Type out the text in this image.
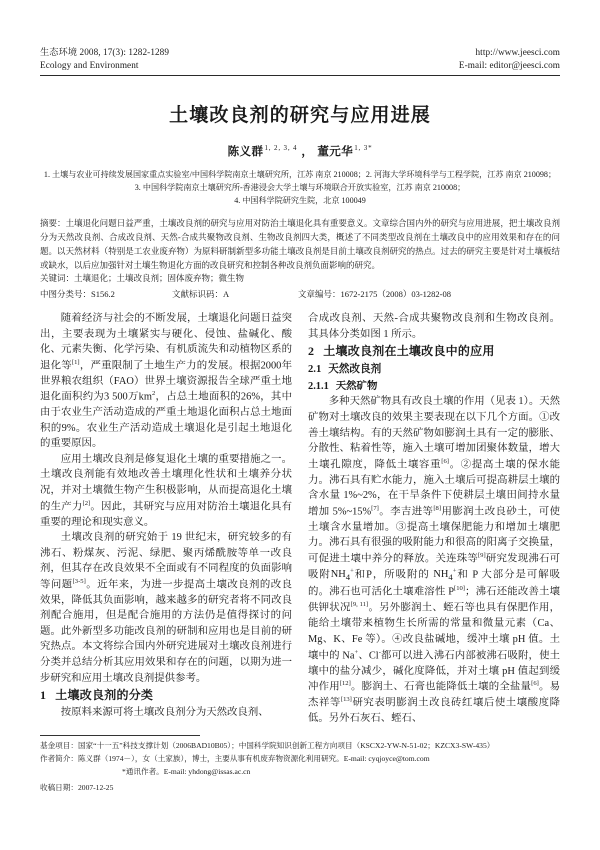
生态环境 2008, 17(3): 1282-1289
Ecology and Environment
http://www.jeesci.com
E-mail: editor@jeesci.com
土壤改良剂的研究与应用进展
陈义群$^{1, 2, 3, 4}$ ， 董元华$^{1, 3*}$
1. 土壤与农业可持续发展国家重点实验室/中国科学院南京土壤研究所，江苏 南京 210008；2. 河海大学环境科学与工程学院，江苏 南京 210098；
3. 中国科学院南京土壤研究所-香港浸会大学土壤与环境联合开放实验室，江苏 南京 210008；
4. 中国科学院研究生院，北京 100049

摘要：土壤退化问题日益严重，土壤改良剂的研究与应用对防治土壤退化具有重要意义。文章综合国内外的研究与应用进展，把土壤改良剂分为天然改良剂、合成改良剂、天然-合成共聚物改良剂、生物改良剂四大类，概述了不同类型改良剂在土壤改良中的应用效果和存在的问题。以天然材料（特别是工农业废弃物）为原料研制新型多功能土壤改良剂是目前土壤改良剂研究的热点。过去的研究主要是针对土壤板结或缺水，以后应加强针对土壤生物退化方面的改良研究和控制各种改良剂负面影响的研究。

关键词：土壤退化；土壤改良剂；固体废弃物；微生物

中图分类号：S156.2	文献标识码：A	文章编号：1672-2175（2008）03-1282-08

随着经济与社会的不断发展，土壤退化问题日益突出，主要表现为土壤紧实与硬化、侵蚀、盐碱化、酸化、元素失衡、化学污染、有机质流失和动植物区系的退化等[1]，严重限制了土地生产力的发展。根据2000年世界粮农组织（FAO）世界土壤资源报告全球严重土地退化面积约为3 500万$km^2$，占总土地面积的26%，其中由于农业生产活动造成的严重土地退化面积占总土地面积的9%。农业生产活动造成土壤退化是引起土地退化的重要原因。

应用土壤改良剂是修复退化土壤的重要措施之一。土壤改良剂能有效地改善土壤理化性状和土壤养分状况，并对土壤微生物产生积极影响，从而提高退化土壤的生产力[2]。因此，其研究与应用对防治土壤退化具有重要的理论和现实意义。

土壤改良剂的研究始于 19 世纪末，研究较多的有沸石、粉煤灰、污泥、绿肥、聚丙烯酰胺等单一改良剂，但其存在改良效果不全面或有不同程度的负面影响等问题[3-5]。近年来，为进一步提高土壤改良剂的改良效果，降低其负面影响，越来越多的研究者将不同改良剂配合施用，但是配合施用的方法仍是值得探讨的问题。此外新型多功能改良剂的研制和应用也是目前的研究热点。本文将综合国内外研究进展对土壤改良剂进行分类并总结分析其应用效果和存在的问题，以期为进一步研究和应用土壤改良剂提供参考。

1 土壤改良剂的分类

按原料来源可将土壤改良剂分为天然改良剂、

合成改良剂、天然-合成共聚物改良剂和生物改良剂。其具体分类如图 1 所示。

2 土壤改良剂在土壤改良中的应用
2.1 天然改良剂
2.1.1 天然矿物

多种天然矿物具有改良土壤的作用（见表 1）。天然矿物对土壤改良的效果主要表现在以下几个方面。①改善土壤结构。有的天然矿物如膨润土具有一定的膨胀、分散性、粘着性等，施入土壤可增加团聚体数量，增大土壤孔隙度，降低土壤容重[6]。②提高土壤的保水能力。沸石具有贮水能力，施入土壤后可提高耕层土壤的含水量 1%~2%，在干旱条件下使耕层土壤田间持水量增加 5%~15%[7]。李吉进等[8]用膨润土改良砂土，可使土壤含水量增加。③提高土壤保肥能力和增加土壤肥力。沸石具有很强的吸附能力和很高的阳离子交换量，可促进土壤中养分的释放。关连珠等[9]研究发现沸石可吸附$NH_4^+$和P，所吸附的 $NH_4^+$和 P 大部分是可解吸的。沸石也可活化土壤难溶性 P[10]；沸石还能改善土壤供钾状况[9, 11]。另外膨润土、蛭石等也具有保肥作用，能给土壤带来植物生长所需的常量和微量元素（Ca、Mg、K、Fe 等）。④改良盐碱地，缓冲土壤 pH 值。土壤中的 Na+、Cl-都可以进入沸石内部被沸石吸附，使土壤中的盐分减少，碱化度降低，并对土壤 pH 值起到缓冲作用[12]。膨润土、石膏也能降低土壤的全盐量[6]。易杰祥等[13]研究表明膨润土改良砖红壤后使土壤酸度降低。另外石灰石、蛭石、

基金项目：国家“十一五”科技支撑计划（2006BAD10B05）；中国科学院知识创新工程方向项目（KSCX2-YW-N-51-02；KZCX3-SW-435）
作者简介：陈义群（1974－），女（土家族），博士，主要从事有机废弃物资源化利用研究。E-mail: cyqjoyce@tom.com
*通讯作者。E-mail: yhdong@issas.ac.cn
收稿日期：2007-12-25
